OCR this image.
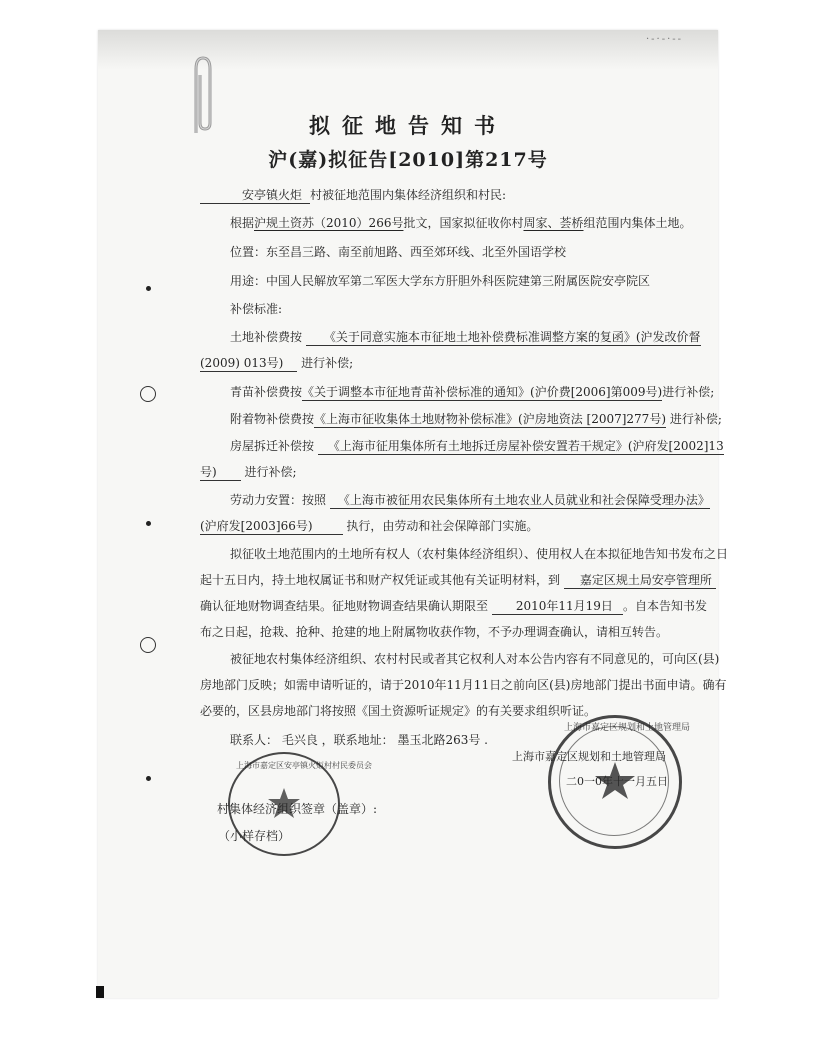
·-·-·--
拟征地告知书
沪(嘉)拟征告[2010]第217号
安亭镇火炬 村被征地范围内集体经济组织和村民:
根据沪规土资苏（2010）266号批文，国家拟征收你村周家、荟桥组范围内集体土地。
位置：东至昌三路、南至前旭路、西至郊环线、北至外国语学校
用途：中国人民解放军第二军医大学东方肝胆外科医院建第三附属医院安亭院区
补偿标准:
土地补偿费按 《关于同意实施本市征地土地补偿费标准调整方案的复函》(沪发改价督
(2009) 013号) 进行补偿;
青苗补偿费按《关于调整本市征地青苗补偿标准的通知》(沪价费[2006]第009号)进行补偿;
附着物补偿费按《上海市征收集体土地财物补偿标准》(沪房地资法 [2007]277号) 进行补偿;
房屋拆迁补偿按 《上海市征用集体所有土地拆迁房屋补偿安置若干规定》(沪府发[2002]13
号) 进行补偿;
劳动力安置：按照 《上海市被征用农民集体所有土地农业人员就业和社会保障受理办法》
(沪府发[2003]66号)	执行，由劳动和社会保障部门实施。
拟征收土地范围内的土地所有权人（农村集体经济组织）、使用权人在本拟征地告知书发布之日
起十五日内，持土地权属证书和财产权凭证或其他有关证明材料，到 嘉定区规土局安亭管理所
确认征地财物调查结果。征地财物调查结果确认期限至 2010年11月19日 。自本告知书发
布之日起，抢栽、抢种、抢建的地上附属物收获作物，不予办理调查确认，请相互转告。
被征地农村集体经济组织、农村村民或者其它权利人对本公告内容有不同意见的，可向区(县)
房地部门反映；如需申请听证的，请于2010年11月11日之前向区(县)房地部门提出书面申请。确有
必要的，区县房地部门将按照《国土资源听证规定》的有关要求组织听证。
联系人： 毛兴良 ，联系地址： 墨玉北路263号 .
上海市嘉定区规划和土地管理局
上海市嘉定区规划和土地管理局
二0一0年十一月五日
上海市嘉定区安亭镇火炬村村民委员会
村集体经济组织签章（盖章）:
（小样存档）
